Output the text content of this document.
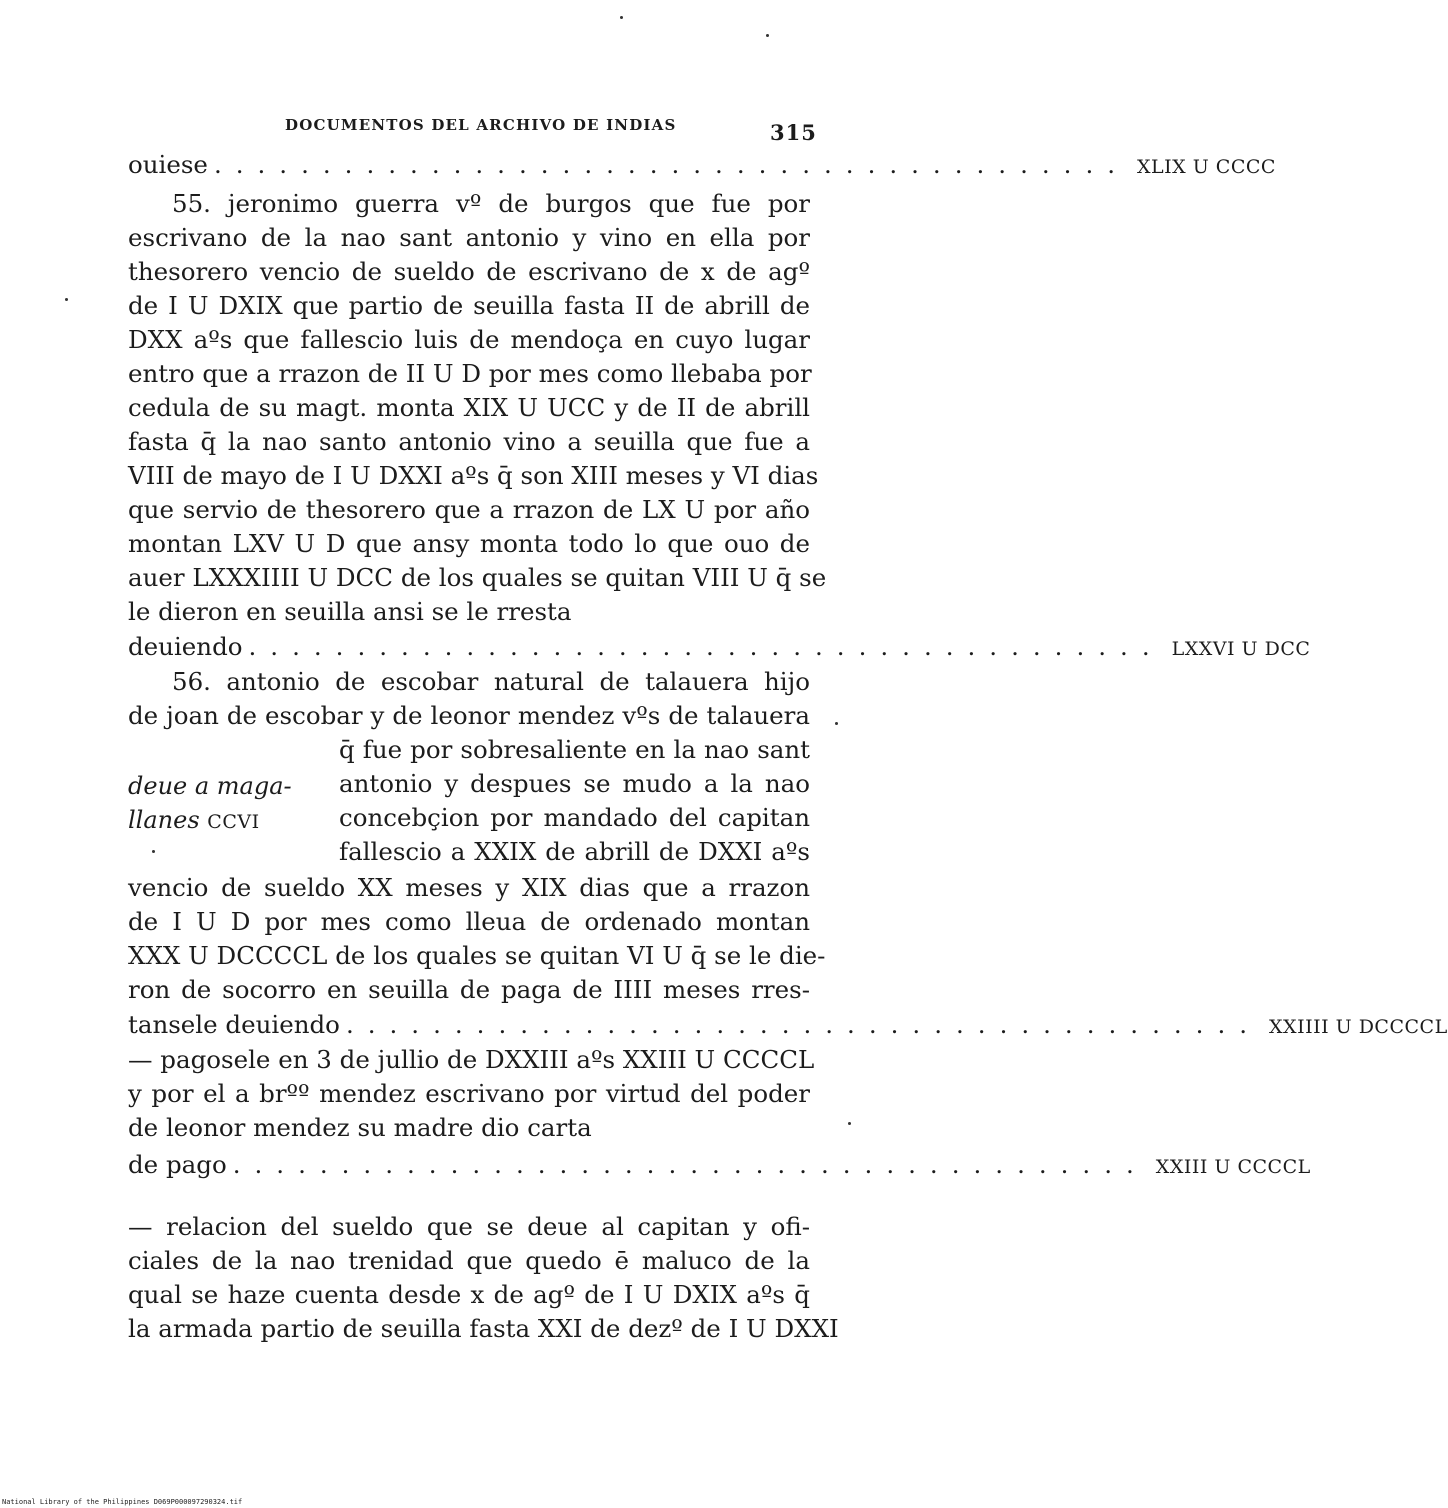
DOCUMENTOS DEL ARCHIVO DE INDIAS	315
ouiese .......................................... XLIX U CCCC
55. jeronimo guerra vº de burgos que fue por
escrivano de la nao sant antonio y vino en ella por
thesorero vencio de sueldo de escrivano de x de agº
de I U DXIX que partio de seuilla fasta II de abrill de
DXX aºs que fallescio luis de mendoça en cuyo lugar
entro que a rrazon de II U D por mes como llebaba por
cedula de su magt. monta XIX U UCC y de II de abrill
fasta q̄ la nao santo antonio vino a seuilla que fue a
VIII de mayo de I U DXXI aºs q̄ son XIII meses y VI dias
que servio de thesorero que a rrazon de LX U por año
montan LXV U D que ansy monta todo lo que ouo de
auer LXXXIIII U DCC de los quales se quitan VIII U q̄ se
le dieron en seuilla ansi se le rresta
deuiendo .......................................... LXXVI U DCC
56. antonio de escobar natural de talauera hijo
de joan de escobar y de leonor mendez vºs de talauera
q̄ fue por sobresaliente en la nao sant
antonio y despues se mudo a la nao
concebçion por mandado del capitan
fallescio a XXIX de abrill de DXXI aºs
deue a maga-
llanes CCVI
vencio de sueldo XX meses y XIX dias que a rrazon
de I U D por mes como lleua de ordenado montan
XXX U DCCCCL de los quales se quitan VI U q̄ se le die-
ron de socorro en seuilla de paga de IIII meses rres-
tansele deuiendo .......................................... XXIIII U DCCCCL
— pagosele en 3 de jullio de DXXIII aºs XXIII U CCCCL
y por el a brºº mendez escrivano por virtud del poder
de leonor mendez su madre dio carta
de pago .......................................... XXIII U CCCCL
— relacion del sueldo que se deue al capitan y ofi-
ciales de la nao trenidad que quedo ē maluco de la
qual se haze cuenta desde x de agº de I U DXIX aºs q̄
la armada partio de seuilla fasta XXI de dezº de I U DXXI
National Library of the Philippines D069P000097290324.tif
